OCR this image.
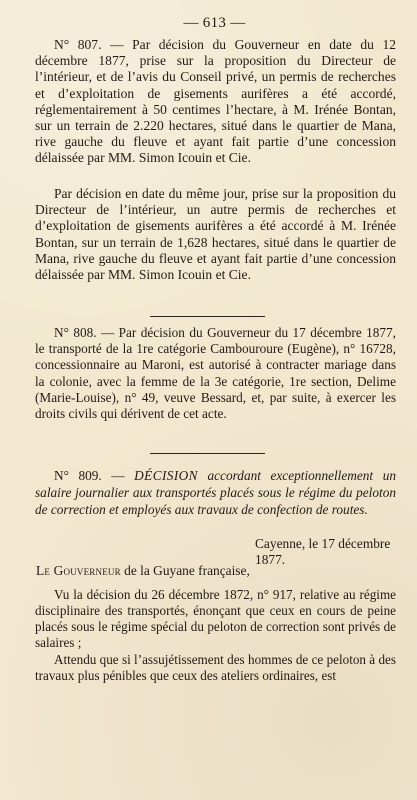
— 613 —

N° 807. — Par décision du Gouverneur en date du 12 décembre 1877, prise sur la proposition du Directeur de l’intérieur, et de l’avis du Conseil privé, un permis de recherches et d’exploitation de gisements aurifères a été accordé, réglementairement à 50 centimes l’hectare, à M. Irénée Bontan, sur un terrain de 2.220 hectares, situé dans le quartier de Mana, rive gauche du fleuve et ayant fait partie d’une concession délaissée par MM. Simon Icouin et Cie.

Par décision en date du même jour, prise sur la proposition du Directeur de l’intérieur, un autre permis de recherches et d’exploitation de gisements aurifères a été accordé à M. Irénée Bontan, sur un terrain de 1,628 hectares, situé dans le quartier de Mana, rive gauche du fleuve et ayant fait partie d’une concession délaissée par MM. Simon Icouin et Cie.

N° 808. — Par décision du Gouverneur du 17 décembre 1877, le transporté de la 1re catégorie Cambouroure (Eugène), n° 16728, concessionnaire au Maroni, est autorisé à contracter mariage dans la colonie, avec la femme de la 3e catégorie, 1re section, Delime (Marie-Louise), n° 49, veuve Bessard, et, par suite, à exercer les droits civils qui dérivent de cet acte.

N° 809. — DÉCISION accordant exceptionnellement un salaire journalier aux transportés placés sous le régime du peloton de correction et employés aux travaux de confection de routes.
Cayenne, le 17 décembre 1877.
Le Gouverneur de la Guyane française,

Vu la décision du 26 décembre 1872, n° 917, relative au régime disciplinaire des transportés, énonçant que ceux en cours de peine placés sous le régime spécial du peloton de correction sont privés de salaires ;

Attendu que si l’assujétissement des hommes de ce peloton à des travaux plus pénibles que ceux des ateliers ordinaires, est
